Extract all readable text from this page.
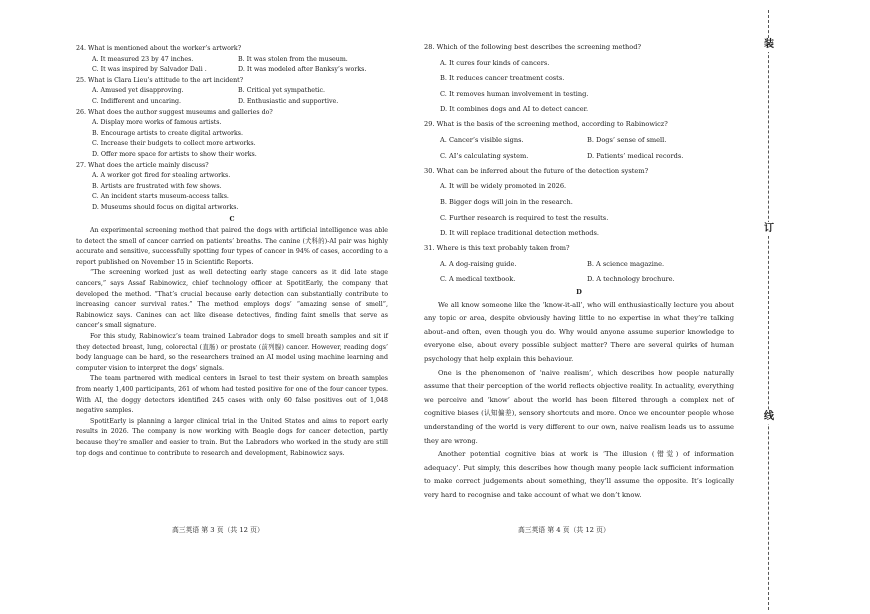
24. What is mentioned about the worker’s artwork?
A. It measured 23 by 47 inches.	B. It was stolen from the museum.
C. It was inspired by Salvador Dali .	D. It was modeled after Banksy’s works.
25. What is Clara Lieu’s attitude to the art incident?
A. Amused yet disapproving.	B. Critical yet sympathetic.
C. Indifferent and uncaring.	D. Enthusiastic and supportive.
26. What does the author suggest museums and galleries do?
A. Display more works of famous artists.
B. Encourage artists to create digital artworks.
C. Increase their budgets to collect more artworks.
D. Offer more space for artists to show their works.
27. What does the article mainly discuss?
A. A worker got fired for stealing artworks.
B. Artists are frustrated with few shows.
C. An incident starts museum-access talks.
D. Museums should focus on digital artworks.
C

An experimental screening method that paired the dogs with artificial intelligence was able to detect the smell of cancer carried on patients’ breaths. The canine (犬科的)-AI pair was highly accurate and sensitive, successfully spotting four types of cancer in 94% of cases, according to a report published on November 15 in Scientific Reports.

“The screening worked just as well detecting early stage cancers as it did late stage cancers,” says Assaf Rabinowicz, chief technology officer at SpotitEarly, the company that developed the method. “That’s crucial because early detection can substantially contribute to increasing cancer survival rates.” The method employs dogs’ “amazing sense of smell”, Rabinowicz says. Canines can act like disease detectives, finding faint smells that serve as cancer’s small signature.

For this study, Rabinowicz’s team trained Labrador dogs to smell breath samples and sit if they detected breast, lung, colorectal (直肠) or prostate (前列腺) cancer. However, reading dogs’ body language can be hard, so the researchers trained an AI model using machine learning and computer vision to interpret the dogs’ signals.

The team partnered with medical centers in Israel to test their system on breath samples from nearly 1,400 participants, 261 of whom had tested positive for one of the four cancer types. With AI, the doggy detectors identified 245 cases with only 60 false positives out of 1,048 negative samples.

SpotitEarly is planning a larger clinical trial in the United States and aims to report early results in 2026. The company is now working with Beagle dogs for cancer detection, partly because they’re smaller and easier to train. But the Labradors who worked in the study are still top dogs and continue to contribute to research and development, Rabinowicz says.

28. Which of the following best describes the screening method?
A. It cures four kinds of cancers.
B. It reduces cancer treatment costs.
C. It removes human involvement in testing.
D. It combines dogs and AI to detect cancer.
29. What is the basis of the screening method, according to Rabinowicz?
A. Cancer’s visible signs.	B. Dogs’ sense of smell.
C. AI’s calculating system.	D. Patients’ medical records.
30. What can be inferred about the future of the detection system?
A. It will be widely promoted in 2026.
B. Bigger dogs will join in the research.
C. Further research is required to test the results.
D. It will replace traditional detection methods.
31. Where is this text probably taken from?
A. A dog-raising guide.	B. A science magazine.
C. A medical textbook.	D. A technology brochure.
D

We all know someone like the ‘know-it-all’, who will enthusiastically lecture you about any topic or area, despite obviously having little to no expertise in what they’re talking about–and often, even though you do. Why would anyone assume superior knowledge to everyone else, about every possible subject matter? There are several quirks of human psychology that help explain this behaviour.

One is the phenomenon of ‘naive realism’, which describes how people naturally assume that their perception of the world reflects objective reality. In actuality, everything we perceive and ‘know’ about the world has been filtered through a complex net of cognitive biases (认知偏差), sensory shortcuts and more. Once we encounter people whose understanding of the world is very different to our own, naive realism leads us to assume they are wrong.

Another potential cognitive bias at work is ‘The illusion (错觉) of information adequacy’. Put simply, this describes how though many people lack sufficient information to make correct judgements about something, they’ll assume the opposite. It’s logically very hard to recognise and take account of what we don’t know.

高三英语 第 3 页（共 12 页）	高三英语 第 4 页（共 12 页）
装
订
线
